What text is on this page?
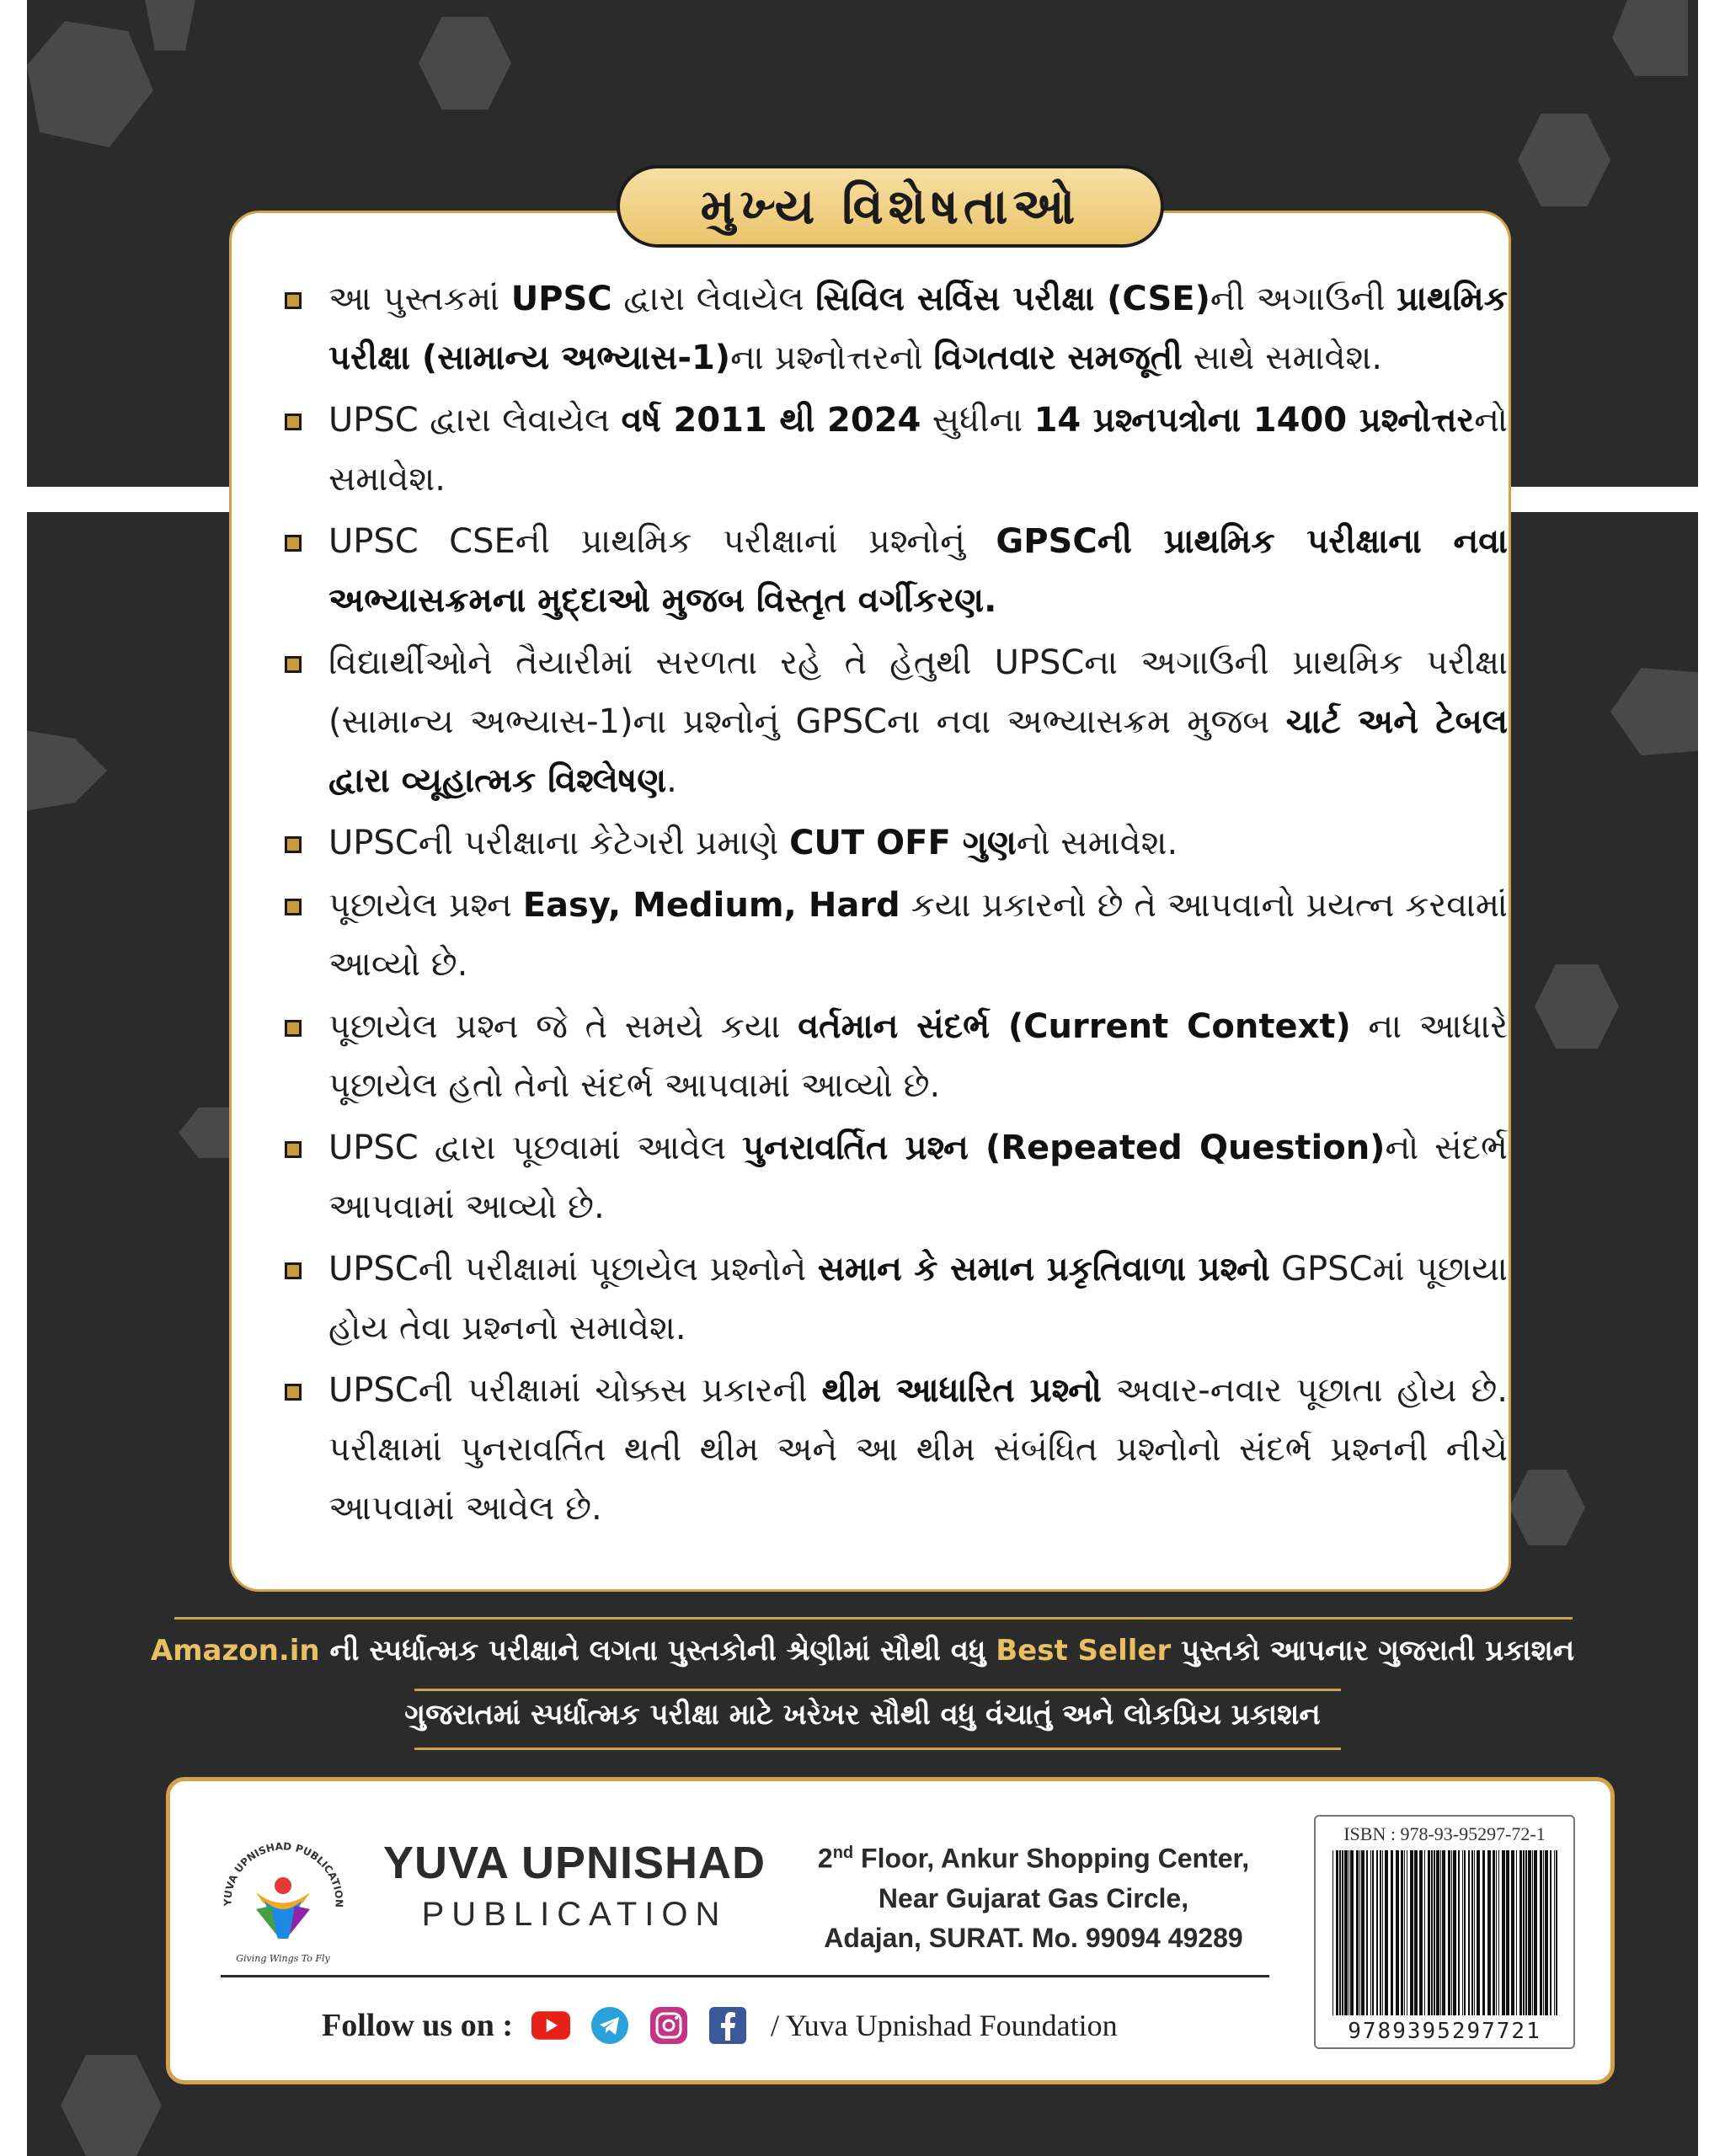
મુખ્ય વિશેષતાઓ
આ પુસ્તકમાં UPSC દ્વારા લેવાયેલ સિવિલ સર્વિસ પરીક્ષા (CSE)ની અગાઉની પ્રાથમિક પરીક્ષા (સામાન્ય અભ્યાસ-1)ના પ્રશ્નોત્તરનો વિગતવાર સમજૂતી સાથે સમાવેશ.
UPSC દ્વારા લેવાયેલ વર્ષ 2011 થી 2024 સુધીના 14 પ્રશ્નપત્રોના 1400 પ્રશ્નોત્તરનો સમાવેશ.
UPSC CSEની પ્રાથમિક પરીક્ષાનાં પ્રશ્નોનું GPSCની પ્રાથમિક પરીક્ષાના નવા અભ્યાસક્રમના મુદ્દાઓ મુજબ વિસ્તૃત વર્ગીકરણ.
વિદ્યાર્થીઓને તૈયારીમાં સરળતા રહે તે હેતુથી UPSCના અગાઉની પ્રાથમિક પરીક્ષા (સામાન્ય અભ્યાસ-1)ના પ્રશ્નોનું GPSCના નવા અભ્યાસક્રમ મુજબ ચાર્ટ અને ટેબલ દ્વારા વ્યૂહાત્મક વિશ્લેષણ.
UPSCની પરીક્ષાના કેટેગરી પ્રમાણે CUT OFF ગુણનો સમાવેશ.
પૂછાયેલ પ્રશ્ન Easy, Medium, Hard કયા પ્રકારનો છે તે આપવાનો પ્રયત્ન કરવામાં આવ્યો છે.
પૂછાયેલ પ્રશ્ન જે તે સમયે કયા વર્તમાન સંદર્ભ (Current Context) ના આધારે પૂછાયેલ હતો તેનો સંદર્ભ આપવામાં આવ્યો છે.
UPSC દ્વારા પૂછવામાં આવેલ પુનરાવર્તિત પ્રશ્ન (Repeated Question)નો સંદર્ભ આપવામાં આવ્યો છે.
UPSCની પરીક્ષામાં પૂછાયેલ પ્રશ્નોને સમાન કે સમાન પ્રકૃતિવાળા પ્રશ્નો GPSCમાં પૂછાયા હોય તેવા પ્રશ્નનો સમાવેશ.
UPSCની પરીક્ષામાં ચોક્કસ પ્રકારની થીમ આધારિત પ્રશ્નો અવાર-નવાર પૂછાતા હોય છે. પરીક્ષામાં પુનરાવર્તિત થતી થીમ અને આ થીમ સંબંધિત પ્રશ્નોનો સંદર્ભ પ્રશ્નની નીચે આપવામાં આવેલ છે.
Amazon.in ની સ્પર્ધાત્મક પરીક્ષાને લગતા પુસ્તકોની શ્રેણીમાં સૌથી વધુ Best Seller પુસ્તકો આપનાર ગુજરાતી પ્રકાશન
ગુજરાતમાં સ્પર્ધાત્મક પરીક્ષા માટે ખરેખર સૌથી વધુ વંચાતું અને લોકપ્રિય પ્રકાશન
YUVA UPNISHAD PUBLICATION
Giving Wings To Fly
YUVA UPNISHAD
PUBLICATION
2nd Floor, Ankur Shopping Center,
Near Gujarat Gas Circle,
Adajan, SURAT. Mo. 99094 49289
Follow us on :	/ Yuva Upnishad Foundation
ISBN : 978-93-95297-72-1
9789395297721
